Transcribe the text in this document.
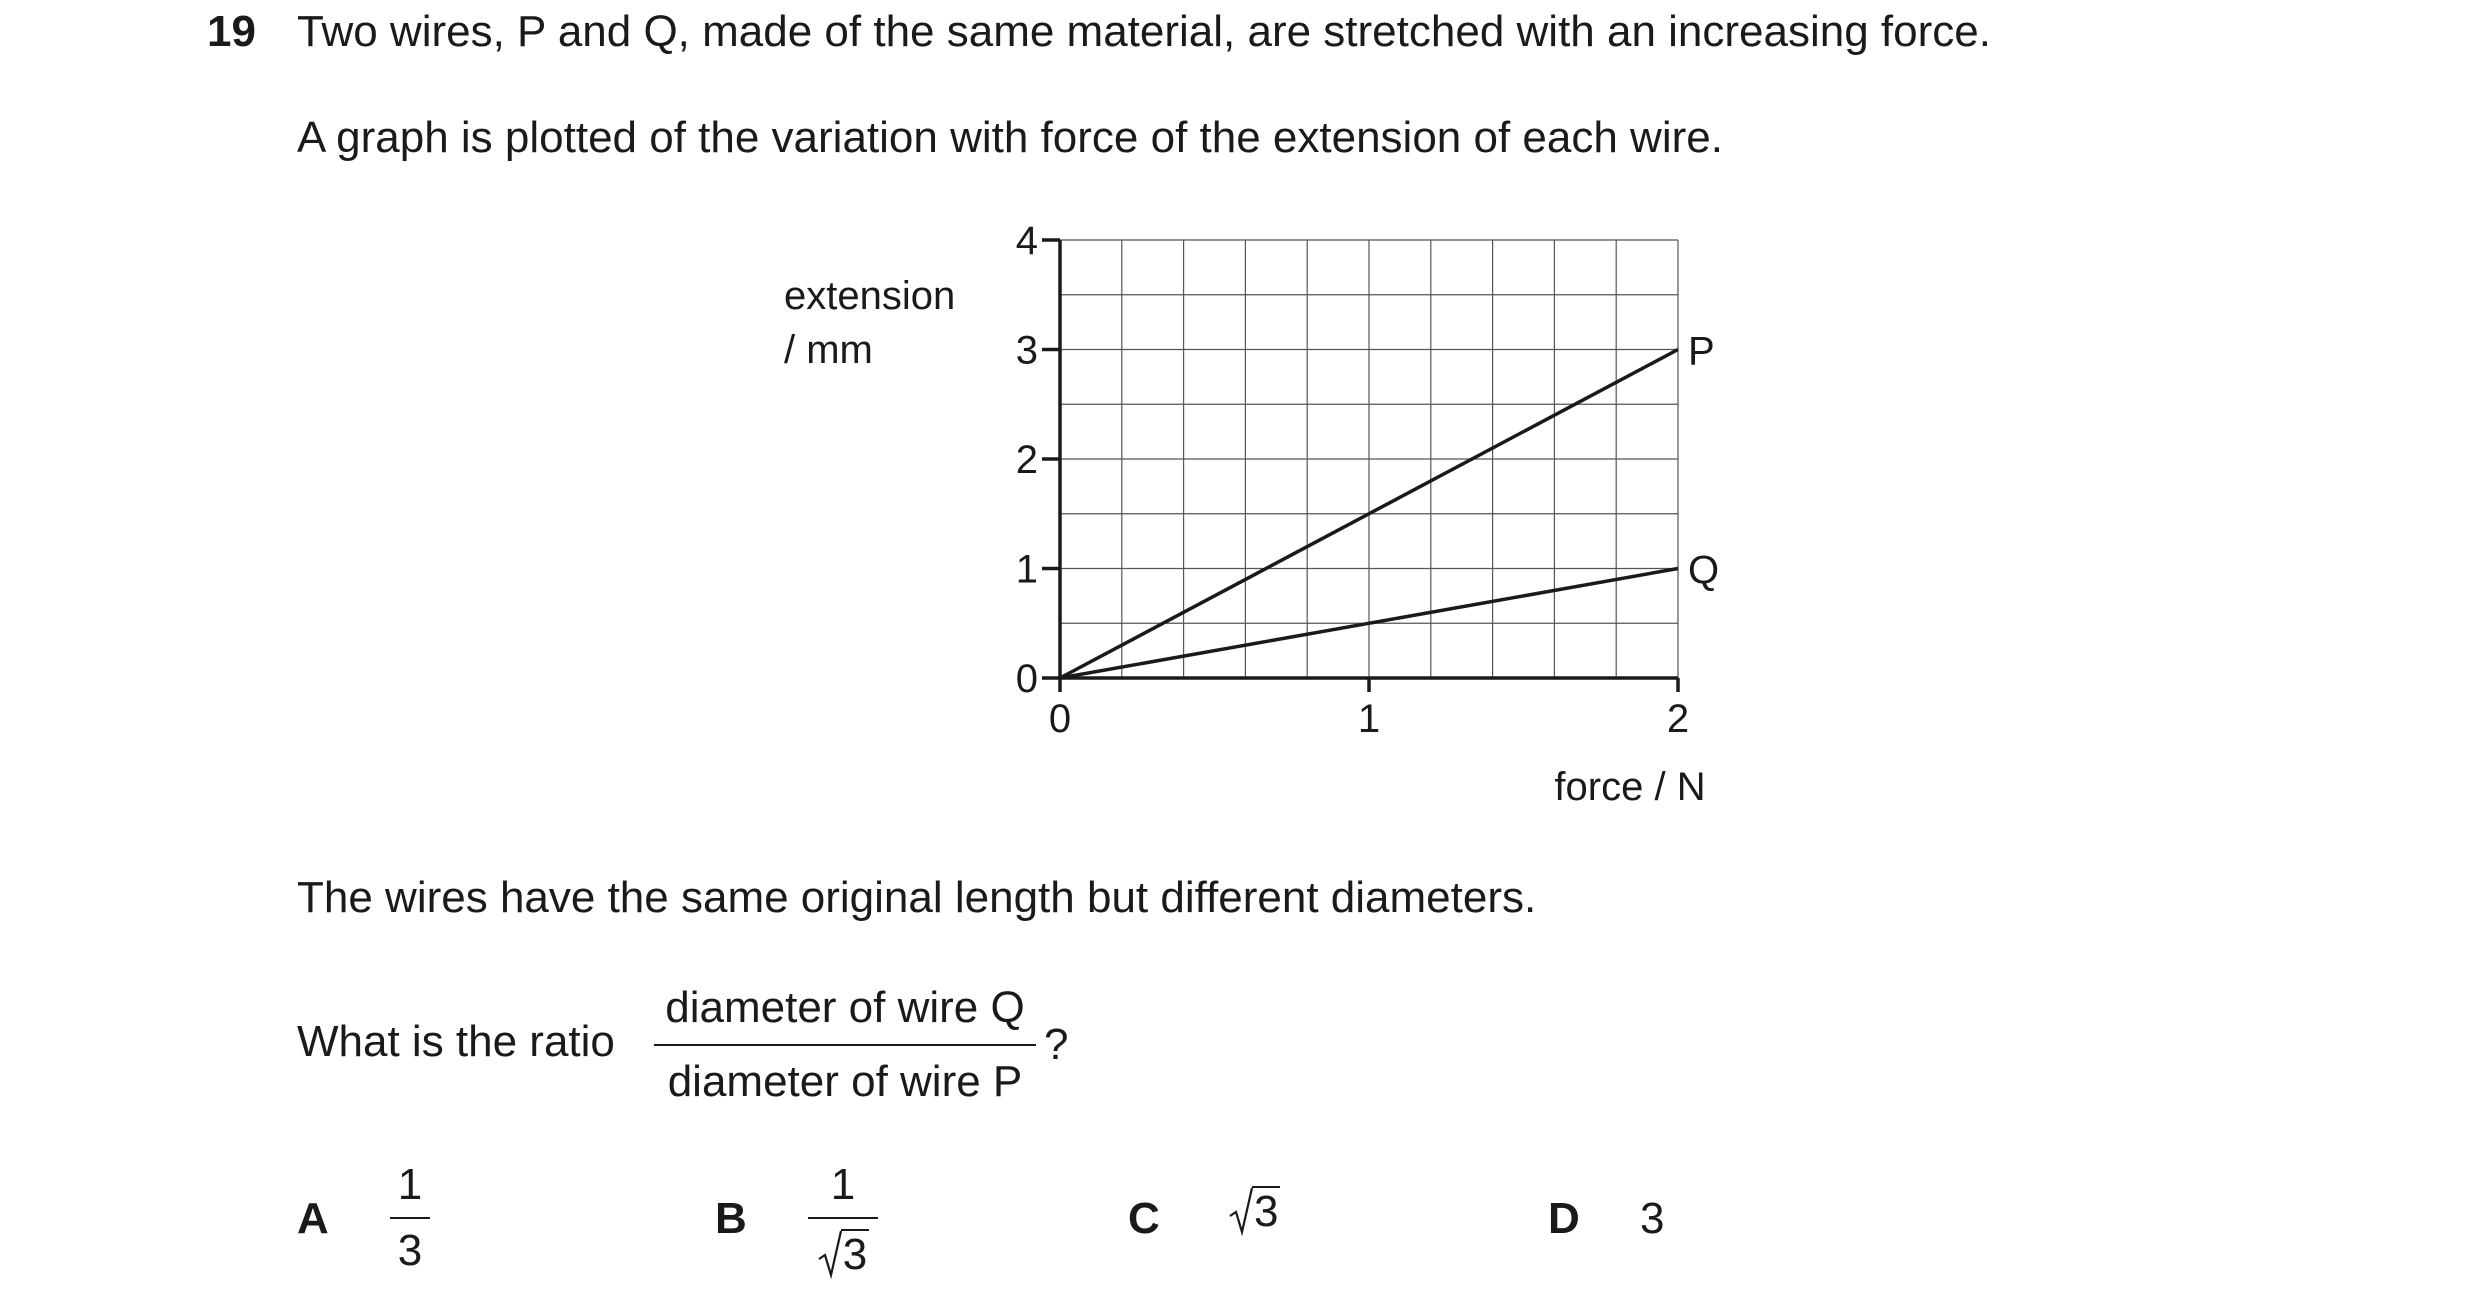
19 Two wires, P and Q, made of the same material, are stretched with an increasing force.
A graph is plotted of the variation with force of the extension of each wire.
0
1
2
3
4
0	1	2
P
Q
force / N
extension
/ mm
The wires have the same original length but different diameters.
What is the ratio
diameter of wire Q
diameter of wire P
?
A
1
3
B
1
3
C	3	D 3
